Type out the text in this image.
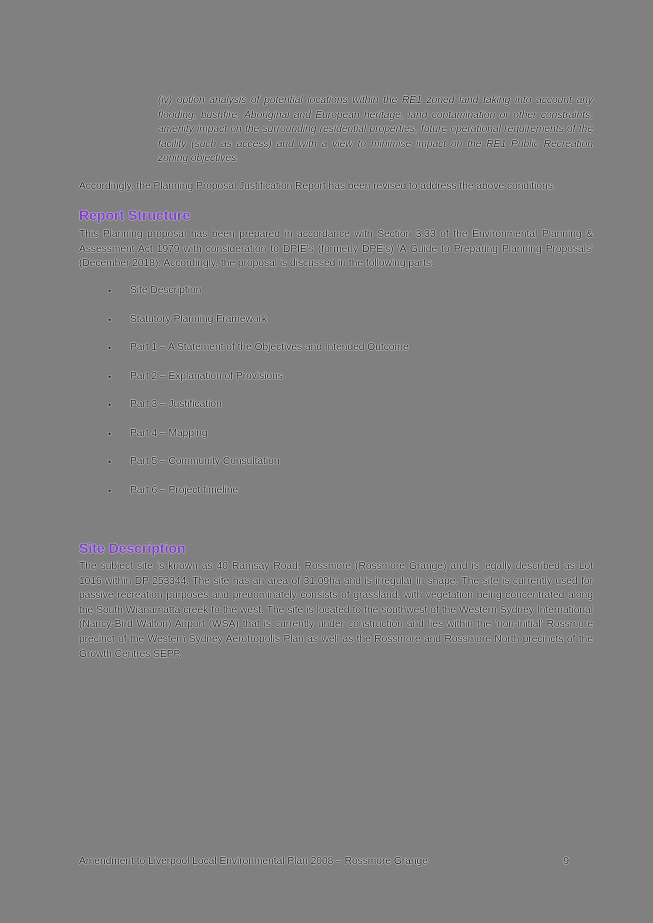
(iv) option analysis of potential locations within the RE1 zoned land taking into account any flooding, bushfire, Aboriginal and European heritage, land contamination or other constraints, amenity impact on the surrounding residential properties, future operational requirements of the facility (such as access) and with a view to minimise impact on the RE1 Public Recreation zoning objectives.
Accordingly, the Planning Proposal Justification Report has been revised to address the above conditions.
Report Structure
This Planning proposal has been prepared in accordance with Section 3.33 of the Environmental Planning & Assessment Act 1979 with consideration to DPIE's (formerly DPE's) 'A Guide to Preparing Planning Proposals' (December 2018). Accordingly, the proposal is discussed in the following parts:
•	Site Description
•	Statutory Planning Framework
•	Part 1 – A Statement of the Objectives and Intended Outcome
•	Part 2 – Explanation of Provisions
•	Part 3 – Justification
•	Part 4 – Mapping
•	Part 5 – Community Consultation
•	Part 6 – Project timeline
Site Description
The subject site is known as 40 Ramsay Road, Rossmore (Rossmore Grange) and is legally described as Lot 1016 within DP 253344. The site has an area of 31.09ha and is irregular in shape. The site is currently used for passive recreation purposes and predominately consists of grassland, with vegetation being concentrated along the South Wianamatta creek to the west. The site is located to the southwest of the Western Sydney International (Nancy-Bird Walton) Airport (WSA) that is currently under construction and lies within the 'non-initial' Rossmore precinct of the Western Sydney Aerotropolis Plan as well as the Rossmore and Rossmore North precincts of the Growth Centres SEPP.
Amendment to Liverpool Local Environmental Plan 2008 – Rossmore Grange	9
